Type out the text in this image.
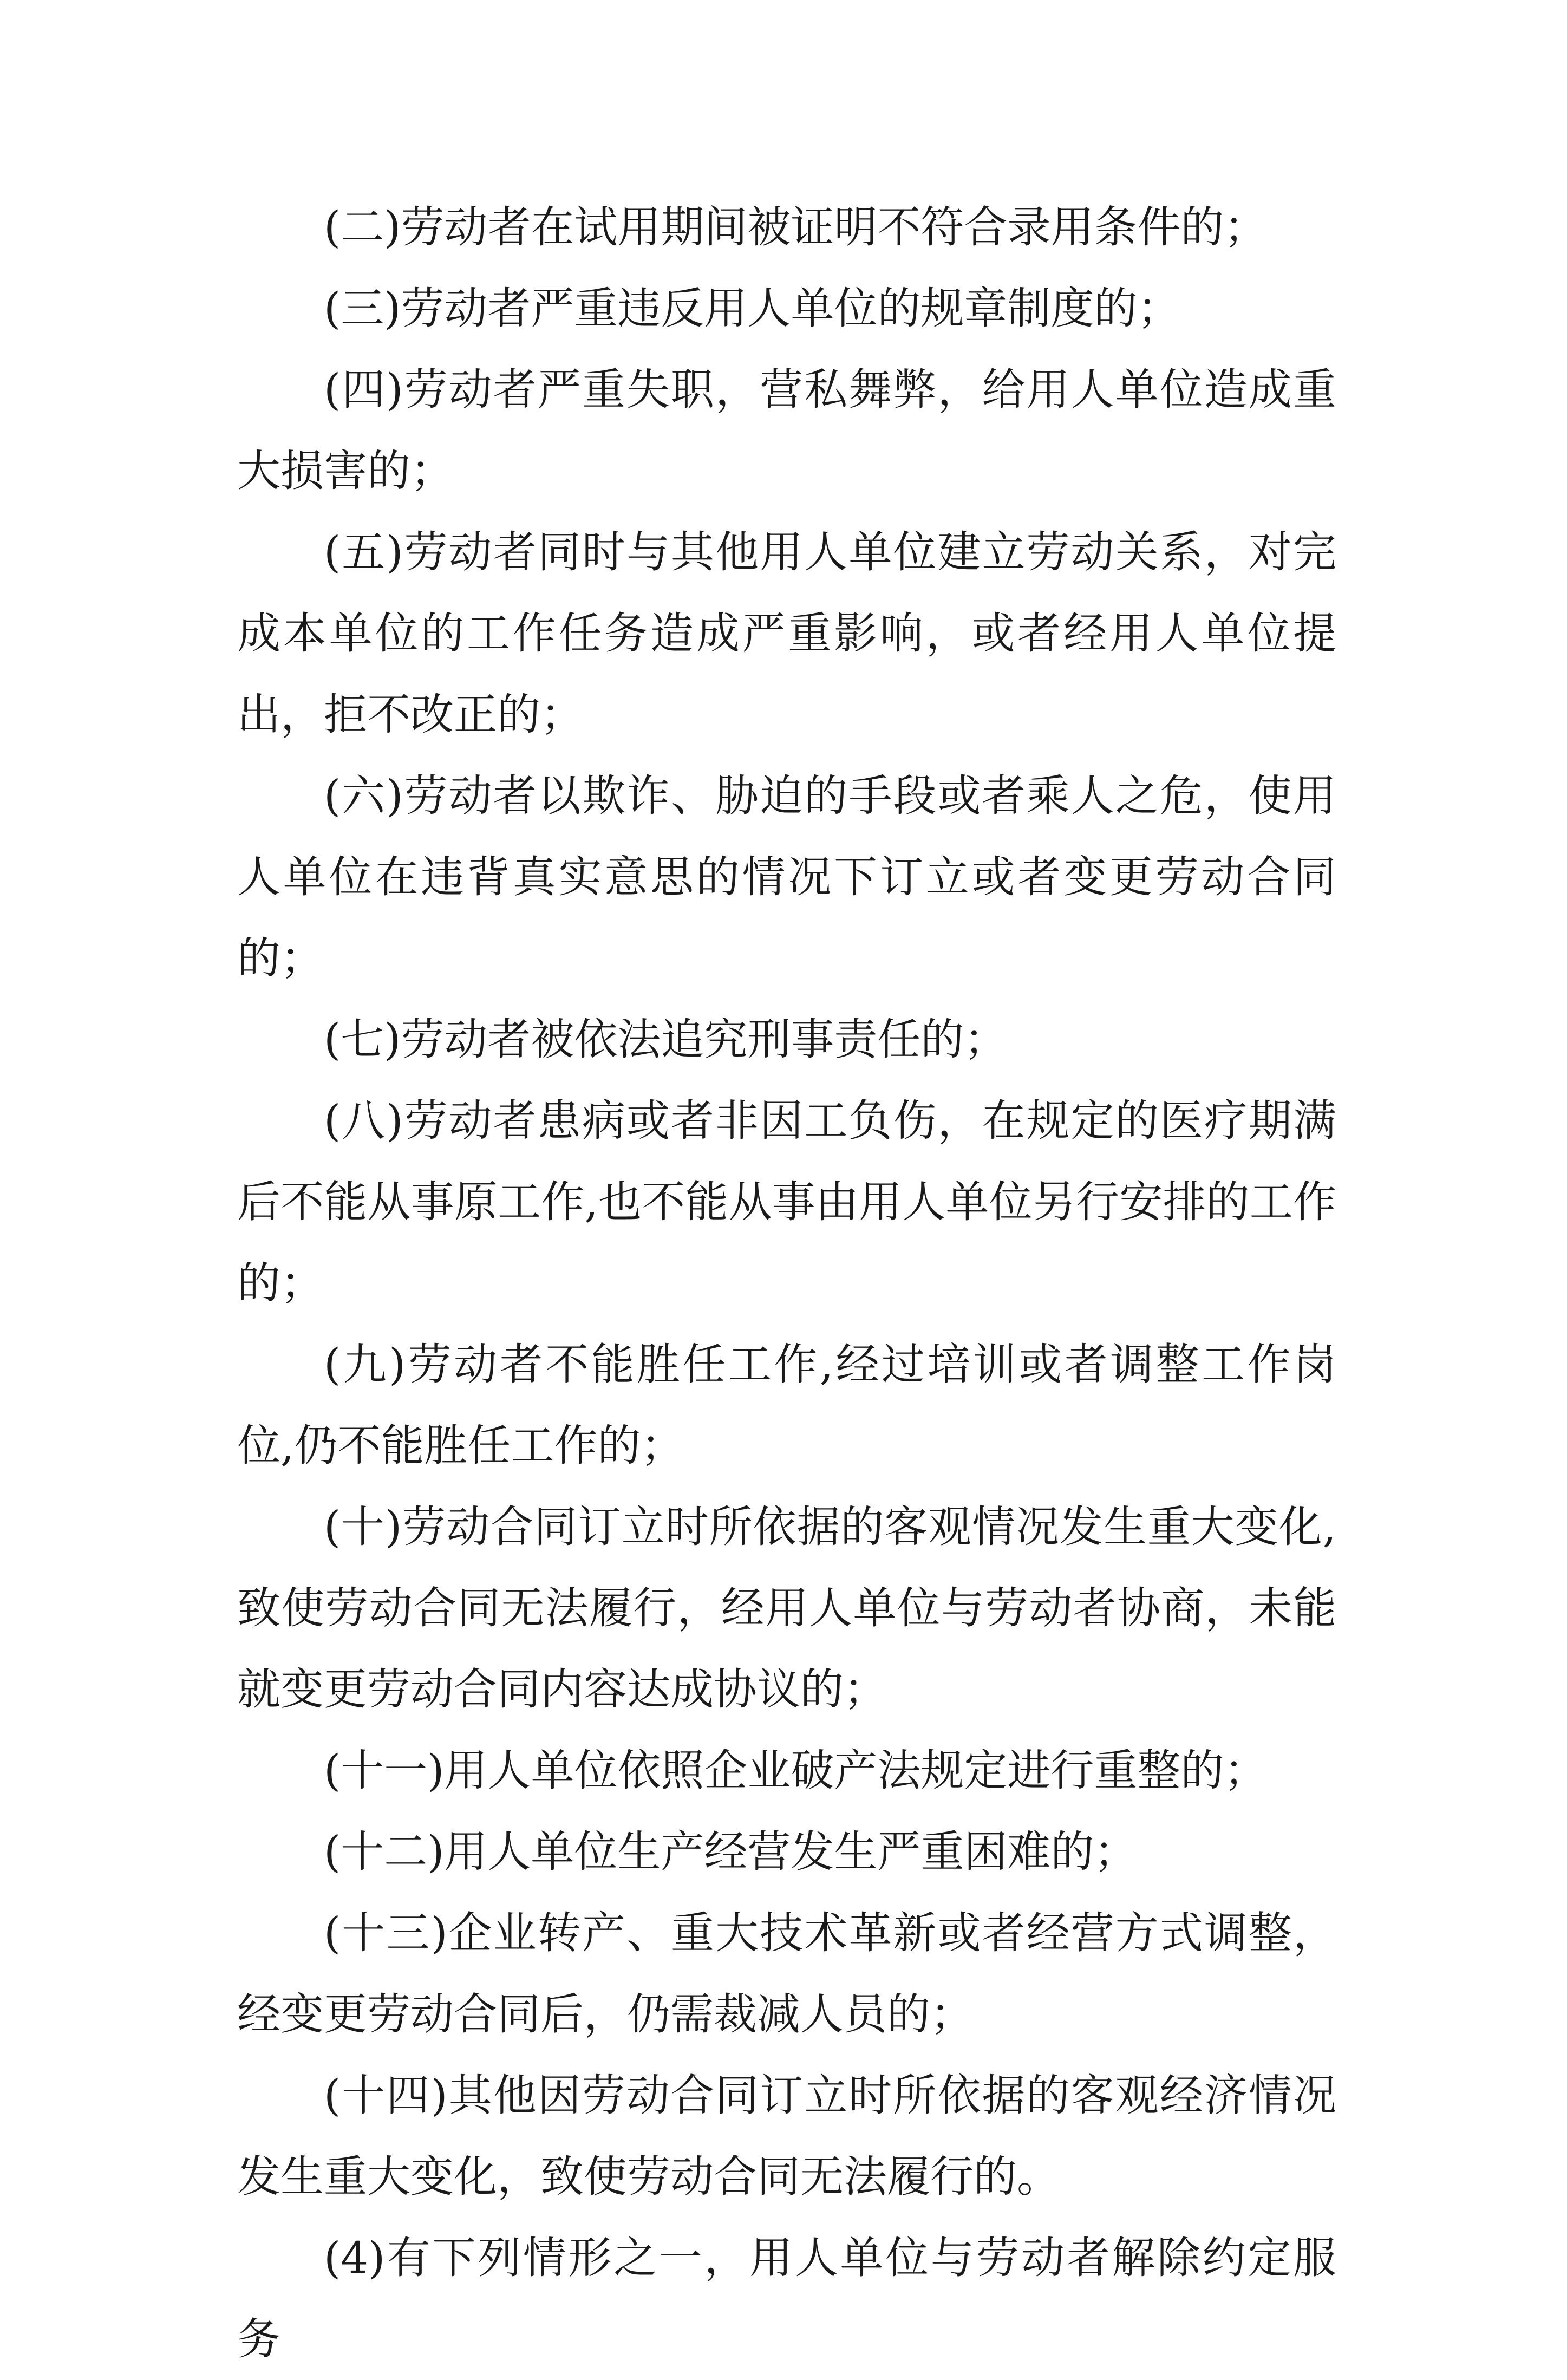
(二)劳动者在试用期间被证明不符合录用条件的；

(三)劳动者严重违反用人单位的规章制度的；

(四)劳动者严重失职，营私舞弊，给用人单位造成重大损害的；

(五)劳动者同时与其他用人单位建立劳动关系，对完成本单位的工作任务造成严重影响，或者经用人单位提出，拒不改正的；

(六)劳动者以欺诈、胁迫的手段或者乘人之危，使用人单位在违背真实意思的情况下订立或者变更劳动合同的；

(七)劳动者被依法追究刑事责任的；

(八)劳动者患病或者非因工负伤，在规定的医疗期满后不能从事原工作,也不能从事由用人单位另行安排的工作的；

(九)劳动者不能胜任工作,经过培训或者调整工作岗位,仍不能胜任工作的；

(十)劳动合同订立时所依据的客观情况发生重大变化,致使劳动合同无法履行，经用人单位与劳动者协商，未能就变更劳动合同内容达成协议的；

(十一)用人单位依照企业破产法规定进行重整的；

(十二)用人单位生产经营发生严重困难的；

(十三)企业转产、重大技术革新或者经营方式调整，经变更劳动合同后，仍需裁减人员的；

(十四)其他因劳动合同订立时所依据的客观经济情况发生重大变化，致使劳动合同无法履行的。

(4)有下列情形之一，用人单位与劳动者解除约定服务
